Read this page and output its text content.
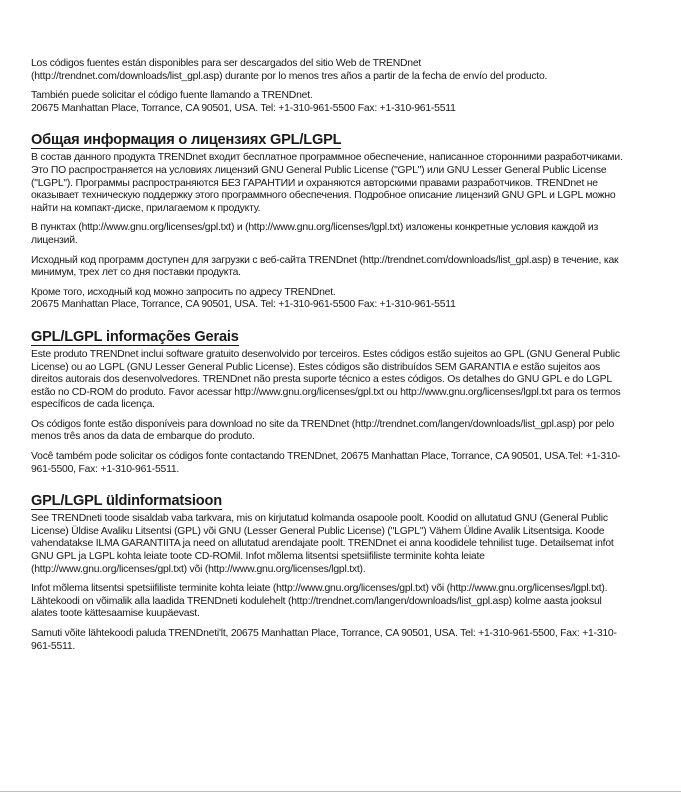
Los códigos fuentes están disponibles para ser descargados del sitio Web de TRENDnet
(http://trendnet.com/downloads/list_gpl.asp) durante por lo menos tres años a partir de la fecha de envío del producto.
También puede solicitar el código fuente llamando a TRENDnet.
20675 Manhattan Place, Torrance, CA 90501, USA. Tel: +1-310-961-5500 Fax: +1-310-961-5511
Общая информация о лицензиях GPL/LGPL
В состав данного продукта TRENDnet входит бесплатное программное обеспечение, написанное сторонними разработчиками.
Это ПО распространяется на условиях лицензий GNU General Public License ("GPL") или GNU Lesser General Public License
("LGPL"). Программы распространяются БЕЗ ГАРАНТИИ и охраняются авторскими правами разработчиков. TRENDnet не
оказывает техническую поддержку этого программного обеспечения. Подробное описание лицензий GNU GPL и LGPL можно
найти на компакт-диске, прилагаемом к продукту.
В пунктах (http://www.gnu.org/licenses/gpl.txt) и (http://www.gnu.org/licenses/lgpl.txt) изложены конкретные условия каждой из
лицензий.
Исходный код программ доступен для загрузки с веб-сайта TRENDnet (http://trendnet.com/downloads/list_gpl.asp) в течение, как
минимум, трех лет со дня поставки продукта.
Кроме того, исходный код можно запросить по адресу TRENDnet.
20675 Manhattan Place, Torrance, CA 90501, USA. Tel: +1-310-961-5500 Fax: +1-310-961-5511
GPL/LGPL informações Gerais
Este produto TRENDnet inclui software gratuito desenvolvido por terceiros. Estes códigos estão sujeitos ao GPL (GNU General Public
License) ou ao LGPL (GNU Lesser General Public License). Estes códigos são distribuídos SEM GARANTIA e estão sujeitos aos
direitos autorais dos desenvolvedores. TRENDnet não presta suporte técnico a estes códigos. Os detalhes do GNU GPL e do LGPL
estão no CD-ROM do produto. Favor acessar http://www.gnu.org/licenses/gpl.txt ou http://www.gnu.org/licenses/lgpl.txt para os termos
específicos de cada licença.
Os códigos fonte estão disponíveis para download no site da TRENDnet (http://trendnet.com/langen/downloads/list_gpl.asp) por pelo
menos três anos da data de embarque do produto.
Você também pode solicitar os códigos fonte contactando TRENDnet, 20675 Manhattan Place, Torrance, CA 90501, USA.Tel: +1-310-
961-5500, Fax: +1-310-961-5511.
GPL/LGPL üldinformatsioon
See TRENDneti toode sisaldab vaba tarkvara, mis on kirjutatud kolmanda osapoole poolt. Koodid on allutatud GNU (General Public
License) Üldise Avaliku Litsentsi (GPL) või GNU (Lesser General Public License) ("LGPL") Vähem Üldine Avalik Litsentsiga. Koode
vahendatakse ILMA GARANTIITA ja need on allutatud arendajate poolt. TRENDnet ei anna koodidele tehnilist tuge. Detailsemat infot
GNU GPL ja LGPL kohta leiate toote CD-ROMil. Infot mõlema litsentsi spetsiifiliste terminite kohta leiate
(http://www.gnu.org/licenses/gpl.txt) või (http://www.gnu.org/licenses/lgpl.txt).
Infot mõlema litsentsi spetsiifiliste terminite kohta leiate (http://www.gnu.org/licenses/gpl.txt) või (http://www.gnu.org/licenses/lgpl.txt).
Lähtekoodi on võimalik alla laadida TRENDneti kodulehelt (http://trendnet.com/langen/downloads/list_gpl.asp) kolme aasta jooksul
alates toote kättesaamise kuupäevast.
Samuti võite lähtekoodi paluda TRENDneti'lt, 20675 Manhattan Place, Torrance, CA 90501, USA. Tel: +1-310-961-5500, Fax: +1-310-
961-5511.
